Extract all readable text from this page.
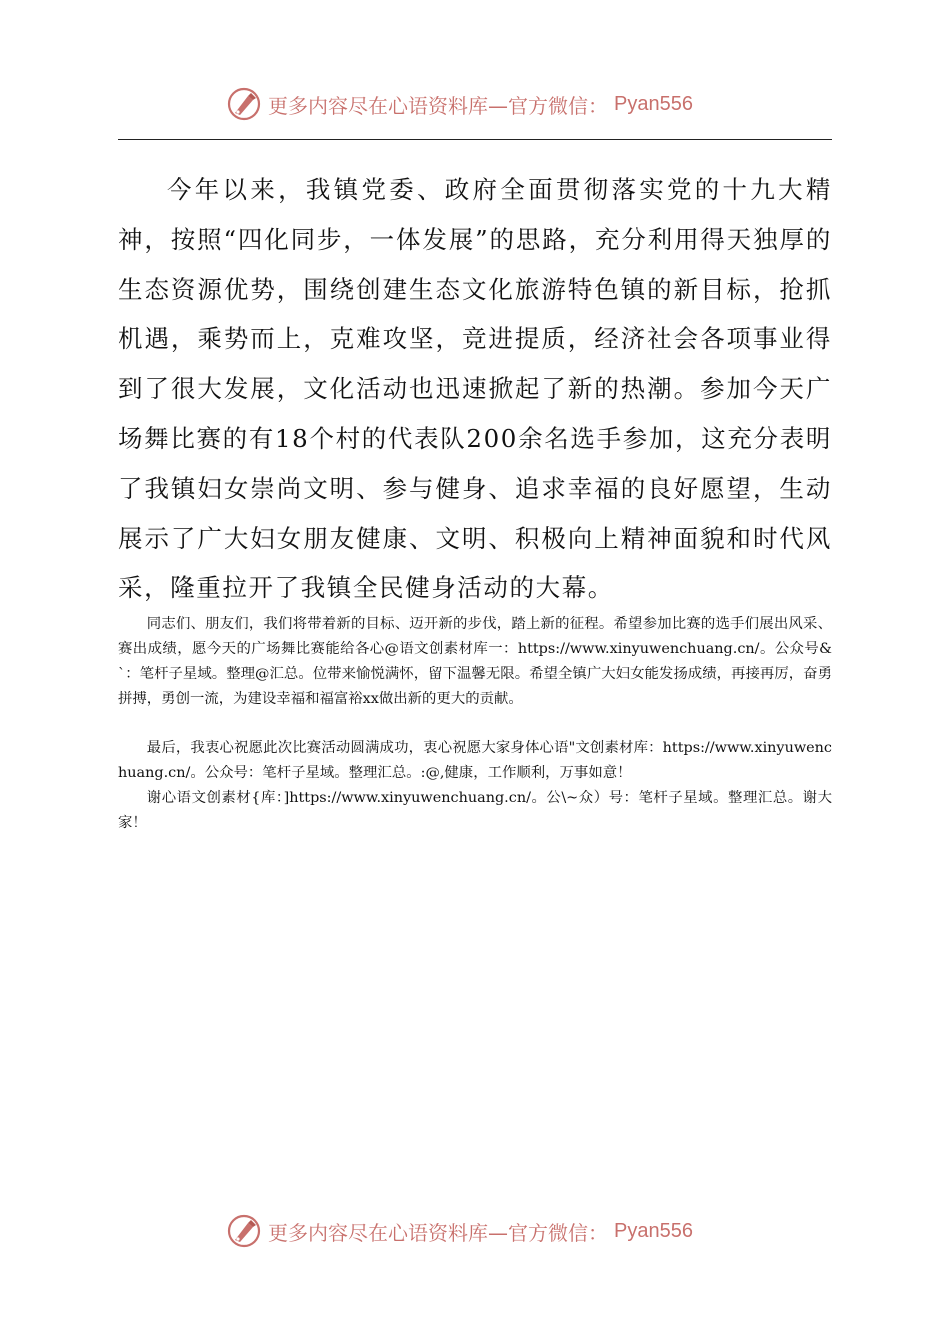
更多内容尽在心语资料库—官方微信： Pyan556

今年以来，我镇党委、政府全面贯彻落实党的十九大精神，按照“四化同步，一体发展”的思路，充分利用得天独厚的生态资源优势，围绕创建生态文化旅游特色镇的新目标，抢抓机遇，乘势而上，克难攻坚，竞进提质，经济社会各项事业得到了很大发展，文化活动也迅速掀起了新的热潮。参加今天广场舞比赛的有18个村的代表队200余名选手参加，这充分表明了我镇妇女崇尚文明、参与健身、追求幸福的良好愿望，生动展示了广大妇女朋友健康、文明、积极向上精神面貌和时代风采，隆重拉开了我镇全民健身活动的大幕。

同志们、朋友们，我们将带着新的目标、迈开新的步伐，踏上新的征程。希望参加比赛的选手们展出风采、赛出成绩，愿今天的广场舞比赛能给各心@语文创素材库一：https://www.xinyuwenchuang.cn/。公众号&`：笔杆子星域。整理@汇总。位带来愉悦满怀，留下温馨无限。希望全镇广大妇女能发扬成绩，再接再厉，奋勇拼搏，勇创一流，为建设幸福和福富裕xx做出新的更大的贡献。

最后，我衷心祝愿此次比赛活动圆满成功，衷心祝愿大家身体心语"文创素材库：https://www.xinyuwenchuang.cn/。公众号：笔杆子星域。整理汇总。:@,健康，工作顺利，万事如意！

谢心语文创素材{库：]https://www.xinyuwenchuang.cn/。公\~众）号：笔杆子星域。整理汇总。谢大家！

更多内容尽在心语资料库—官方微信： Pyan556
